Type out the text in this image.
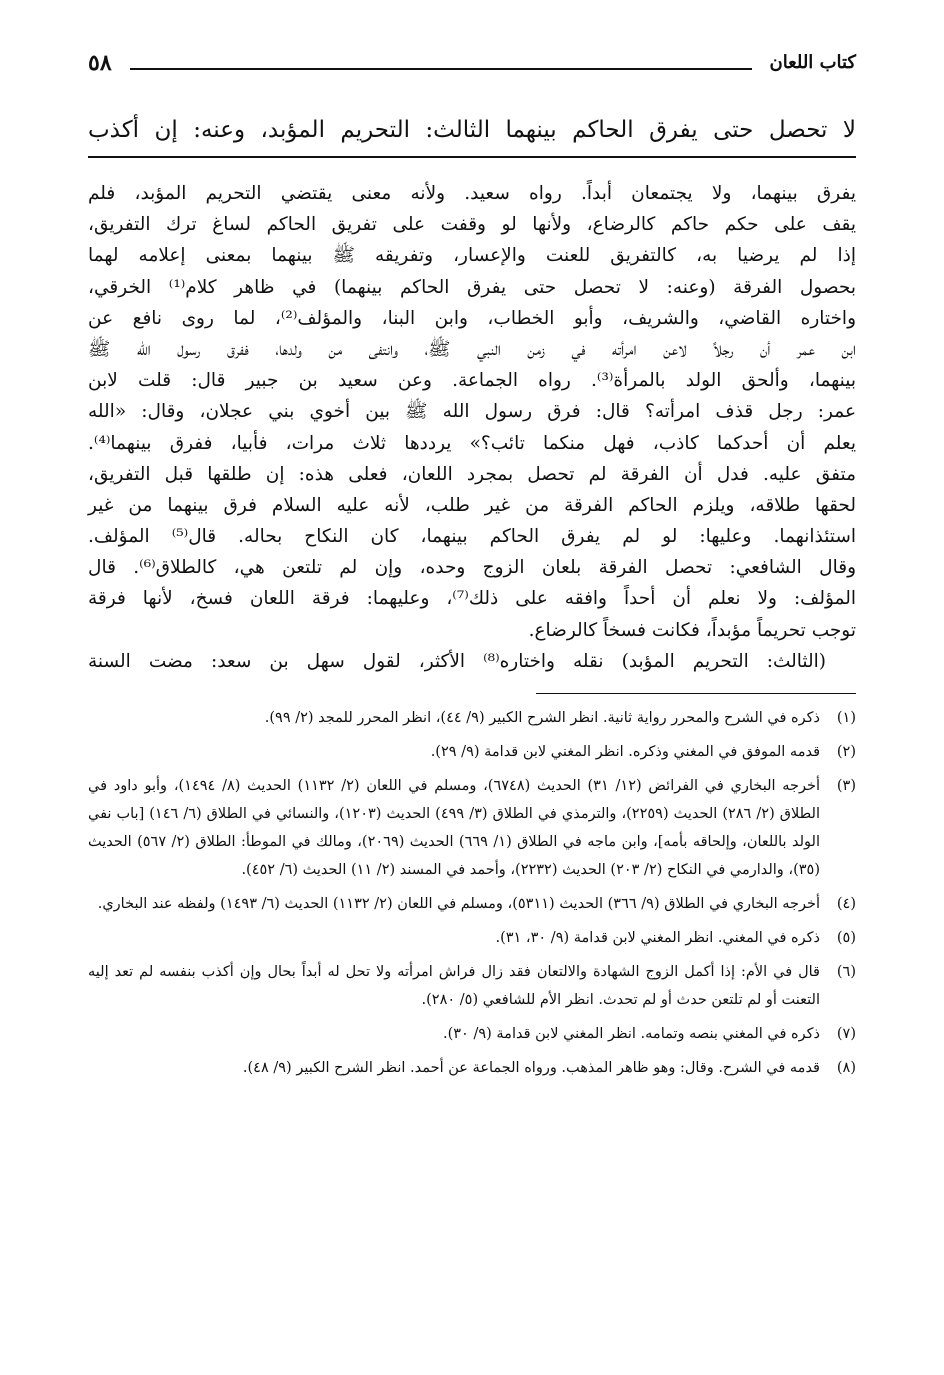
كتاب اللعان
٥٨
لا تحصل حتى يفرق الحاكم بينهما الثالث: التحريم المؤبد، وعنه: إن أكذب
يفرق بينهما، ولا يجتمعان أبداً. رواه سعيد. ولأنه معنى يقتضي التحريم المؤبد، فلم
يقف على حكم حاكم كالرضاع، ولأنها لو وقفت على تفريق الحاكم لساغ ترك التفريق،
إذا لم يرضيا به، كالتفريق للعنت والإعسار، وتفريقه ﷺ بينهما بمعنى إعلامه لهما
بحصول الفرقة (وعنه: لا تحصل حتى يفرق الحاكم بينهما) في ظاهر كلام⁽¹⁾ الخرقي،
واختاره القاضي، والشريف، وأبو الخطاب، وابن البنا، والمؤلف⁽²⁾، لما روى نافع عن
ابن عمر أن رجلاً لاعن امرأته في زمن النبي ﷺ، وانتفى من ولدها، ففرق رسول الله ﷺ
بينهما، وألحق الولد بالمرأة⁽³⁾. رواه الجماعة. وعن سعيد بن جبير قال: قلت لابن
عمر: رجل قذف امرأته؟ قال: فرق رسول الله ﷺ بين أخوي بني عجلان، وقال: «الله
يعلم أن أحدكما كاذب، فهل منكما تائب؟» يرددها ثلاث مرات، فأبيا، ففرق بينهما⁽⁴⁾.
متفق عليه. فدل أن الفرقة لم تحصل بمجرد اللعان، فعلى هذه: إن طلقها قبل التفريق،
لحقها طلاقه، ويلزم الحاكم الفرقة من غير طلب، لأنه عليه السلام فرق بينهما من غير
استئذانهما. وعليها: لو لم يفرق الحاكم بينهما، كان النكاح بحاله. قال⁽⁵⁾ المؤلف.
وقال الشافعي: تحصل الفرقة بلعان الزوج وحده، وإن لم تلتعن هي، كالطلاق⁽⁶⁾. قال
المؤلف: ولا نعلم أن أحداً وافقه على ذلك⁽⁷⁾، وعليهما: فرقة اللعان فسخ، لأنها فرقة
توجب تحريماً مؤبداً، فكانت فسخاً كالرضاع.
(الثالث: التحريم المؤبد) نقله واختاره⁽⁸⁾ الأكثر، لقول سهل بن سعد: مضت السنة
(١)
ذكره في الشرح والمحرر رواية ثانية. انظر الشرح الكبير (٩/ ٤٤)، انظر المحرر للمجد (٢/ ٩٩).
(٢)
قدمه الموفق في المغني وذكره. انظر المغني لابن قدامة (٩/ ٢٩).
(٣)
أخرجه البخاري في الفرائض (١٢/ ٣١) الحديث (٦٧٤٨)، ومسلم في اللعان (٢/ ١١٣٢) الحديث (٨/ ١٤٩٤)، وأبو داود في الطلاق (٢/ ٢٨٦) الحديث (٢٢٥٩)، والترمذي في الطلاق (٣/ ٤٩٩) الحديث (١٢٠٣)، والنسائي في الطلاق (٦/ ١٤٦) [باب نفي الولد باللعان، وإلحاقه بأمه]، وابن ماجه في الطلاق (١/ ٦٦٩) الحديث (٢٠٦٩)، ومالك في الموطأ: الطلاق (٢/ ٥٦٧) الحديث (٣٥)، والدارمي في النكاح (٢/ ٢٠٣) الحديث (٢٢٣٢)، وأحمد في المسند (٢/ ١١) الحديث (٦/ ٤٥٢).
(٤)
أخرجه البخاري في الطلاق (٩/ ٣٦٦) الحديث (٥٣١١)، ومسلم في اللعان (٢/ ١١٣٢) الحديث (٦/ ١٤٩٣) ولفظه عند البخاري.
(٥)
ذكره في المغني. انظر المغني لابن قدامة (٩/ ٣٠، ٣١).
(٦)
قال في الأم: إذا أكمل الزوج الشهادة والالتعان فقد زال فراش امرأته ولا تحل له أبداً بحال وإن أكذب بنفسه لم تعد إليه التعنت أو لم تلتعن حدث أو لم تحدث. انظر الأم للشافعي (٥/ ٢٨٠).
(٧)
ذكره في المغني بنصه وتمامه. انظر المغني لابن قدامة (٩/ ٣٠).
(٨)
قدمه في الشرح. وقال: وهو ظاهر المذهب. ورواه الجماعة عن أحمد. انظر الشرح الكبير (٩/ ٤٨).
